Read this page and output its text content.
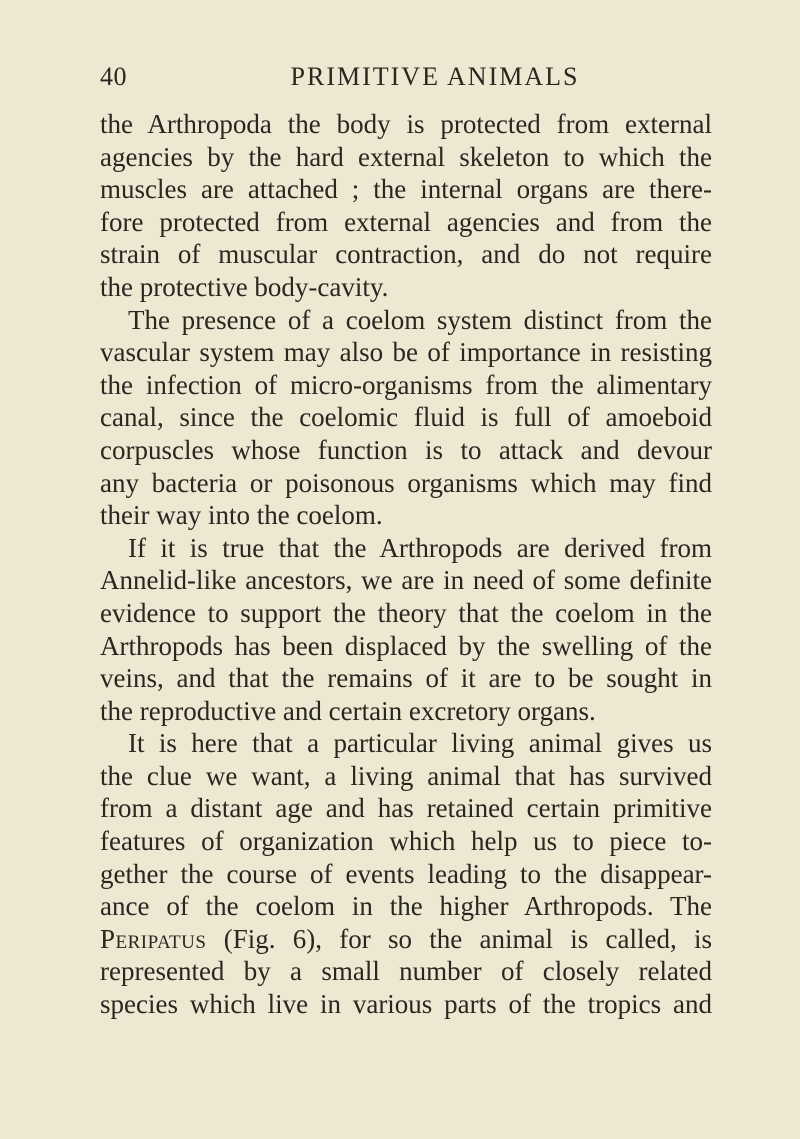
40	PRIMITIVE ANIMALS
the Arthropoda the body is protected from external
agencies by the hard external skeleton to which the
muscles are attached ; the internal organs are there-
fore protected from external agencies and from the
strain of muscular contraction, and do not require
the protective body-cavity.
The presence of a coelom system distinct from the
vascular system may also be of importance in resisting
the infection of micro-organisms from the alimentary
canal, since the coelomic fluid is full of amoeboid
corpuscles whose function is to attack and devour
any bacteria or poisonous organisms which may find
their way into the coelom.
If it is true that the Arthropods are derived from
Annelid-like ancestors, we are in need of some definite
evidence to support the theory that the coelom in the
Arthropods has been displaced by the swelling of the
veins, and that the remains of it are to be sought in
the reproductive and certain excretory organs.
It is here that a particular living animal gives us
the clue we want, a living animal that has survived
from a distant age and has retained certain primitive
features of organization which help us to piece to-
gether the course of events leading to the disappear-
ance of the coelom in the higher Arthropods. The
Peripatus (Fig. 6), for so the animal is called, is
represented by a small number of closely related
species which live in various parts of the tropics and
